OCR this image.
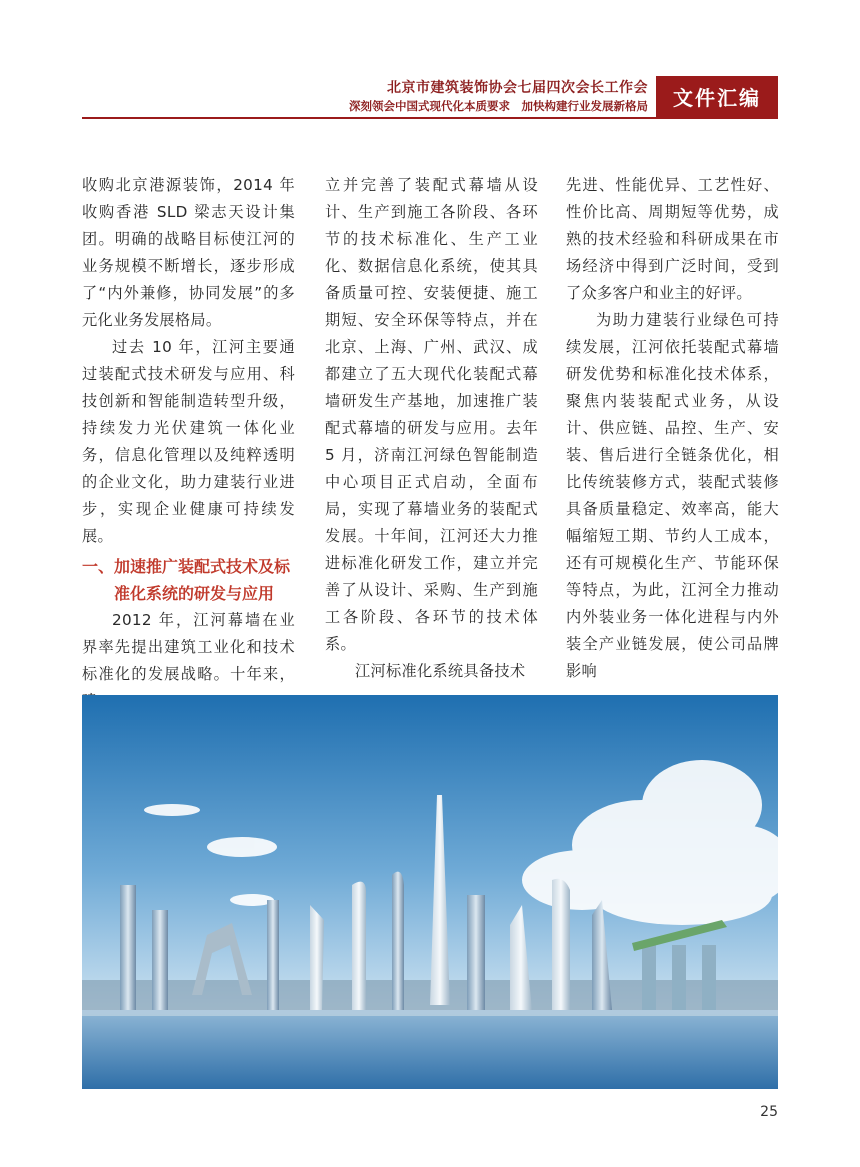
北京市建筑装饰协会七届四次会长工作会
深刻领会中国式现代化本质要求　加快构建行业发展新格局	文件汇编

收购北京港源装饰，2014 年收购香港 SLD 梁志天设计集团。明确的战略目标使江河的业务规模不断增长，逐步形成了“内外兼修，协同发展”的多元化业务发展格局。

过去 10 年，江河主要通过装配式技术研发与应用、科技创新和智能制造转型升级，持续发力光伏建筑一体化业务，信息化管理以及纯粹透明的企业文化，助力建装行业进步，实现企业健康可持续发展。

一、加速推广装配式技术及标准化系统的研发与应用

2012 年，江河幕墙在业界率先提出建筑工业化和技术标准化的发展战略。十年来，

立并完善了装配式幕墙从设计、生产到施工各阶段、各环节的技术标准化、生产工业化、数据信息化系统，使其具备质量可控、安装便捷、施工期短、安全环保等特点，并在北京、上海、广州、武汉、成都建立了五大现代化装配式幕墙研发生产基地，加速推广装配式幕墙的研发与应用。去年 5 月，济南江河绿色智能制造中心项目正式启动，全面布局，实现了幕墙业务的装配式发展。十年间，江河还大力推进标准化研发工作，建立并完善了从设计、采购、生产到施工各阶段、各环节的技术体系。

江河标准化系统具备技术

先进、性能优异、工艺性好、性价比高、周期短等优势，成熟的技术经验和科研成果在市场经济中得到广泛时间，受到了众多客户和业主的好评。

为助力建装行业绿色可持续发展，江河依托装配式幕墙研发优势和标准化技术体系，聚焦内装装配式业务，从设计、供应链、品控、生产、安装、售后进行全链条优化，相比传统装修方式，装配式装修具备质量稳定、效率高，能大幅缩短工期、节约人工成本，还有可规模化生产、节能环保等特点，为此，江河全力推动内外装业务一体化进程与内外装全产业链发展，使公司品牌影响

25
